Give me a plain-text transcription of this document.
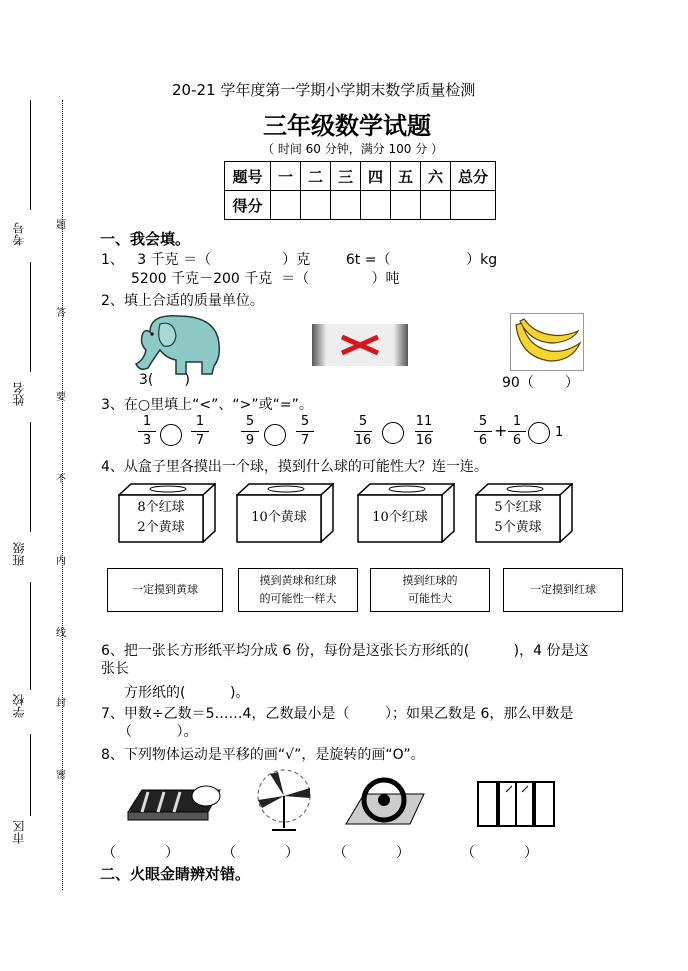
考号
姓名
班级
学校
市区
题
答
要
不
内
线
封
密
20-21 学年度第一学期小学期末数学质量检测
三年级数学试题
（ 时间 60 分钟，满分 100 分 ）
题号	一	二	三	四	五	六	总分
得分							
一、我会填。
1、   3 千克 ＝（                ）克        6t =（                 ）kg
5200 千克－200 千克  ＝（              ）吨
2、填上合适的质量单位。
3(       )	90（       ）
3、在○里填上“<”、“>”或“=”。
1
3
1
7
5
9
5
7
5
16
11
16
5
6
+ 1
6
1
4、从盒子里各摸出一个球，摸到什么球的可能性大？连一连。
8个红球
2个黄球
10个黄球	10个红球
5个红球
5个黄球
一定摸到黄球
摸到黄球和红球
的可能性一样大
摸到红球的
可能性大
一定摸到红球
6、把一张长方形纸平均分成 6 份，每份是这张长方形纸的(          )，4 份是这
张长
方形纸的(          )。
7、甲数÷乙数＝5……4，乙数最小是（        ）；如果乙数是 6，那么甲数是
（          ）。
8、下列物体运动是平移的画“√”，是旋转的画“O”。
（           ）	（           ） （           ）	（           ）
二、火眼金睛辨对错。
